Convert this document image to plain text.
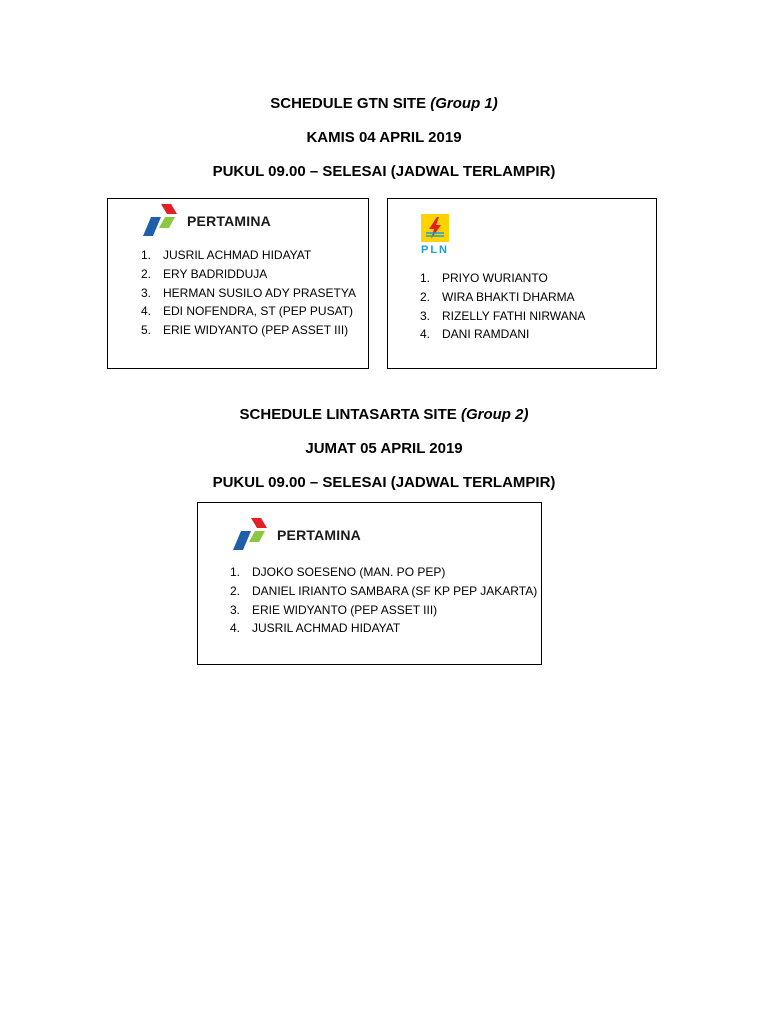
SCHEDULE GTN SITE (Group 1)
KAMIS 04 APRIL 2019
PUKUL 09.00 – SELESAI (JADWAL TERLAMPIR)
PERTAMINA
1. JUSRIL ACHMAD HIDAYAT
2. ERY BADRIDDUJA
3. HERMAN SUSILO ADY PRASETYA
4. EDI NOFENDRA, ST (PEP PUSAT)
5. ERIE WIDYANTO (PEP ASSET III)
PLN
1. PRIYO WURIANTO
2. WIRA BHAKTI DHARMA
3. RIZELLY FATHI NIRWANA
4. DANI RAMDANI
SCHEDULE LINTASARTA SITE (Group 2)
JUMAT 05 APRIL 2019
PUKUL 09.00 – SELESAI (JADWAL TERLAMPIR)
PERTAMINA
1. DJOKO SOESENO (MAN. PO PEP)
2. DANIEL IRIANTO SAMBARA (SF KP PEP JAKARTA)
3. ERIE WIDYANTO (PEP ASSET III)
4. JUSRIL ACHMAD HIDAYAT
